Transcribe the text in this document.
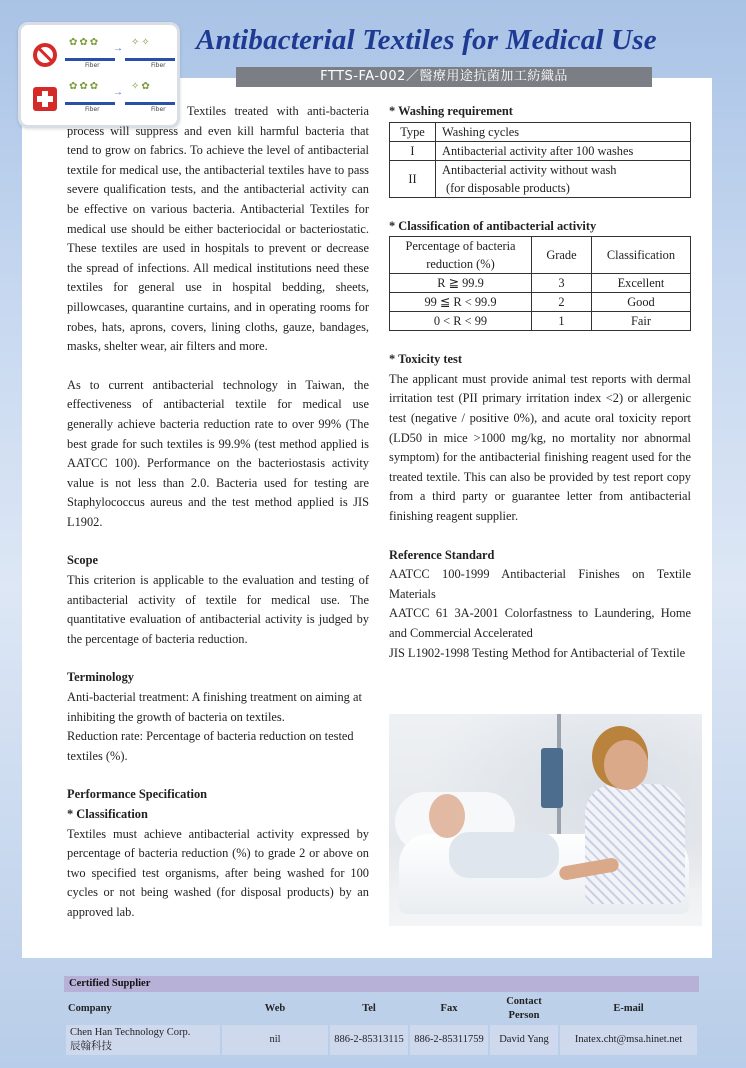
Antibacterial Textiles for Medical Use
FTTS-FA-002／醫療用途抗菌加工紡織品
✿✿✿
→
✧✧
Fiber	Fiber
✿✿✿
→
✧✿
Fiber	Fiber	Textiles treated with anti-bacteria process will suppress and even kill harmful bacteria that tend to grow on fabrics. To achieve the level of antibacterial textile for medical use, the antibacterial textiles have to pass severe qualification tests, and the antibacterial activity can be effective on various bacteria. Antibacterial Textiles for medical use should be either bacteriocidal or bacteriostatic. These textiles are used in hospitals to prevent or decrease the spread of infections. All medical institutions need these textiles for general use in hospital bedding, sheets, pillowcases, quarantine curtains, and in operating rooms for robes, hats, aprons, covers, lining cloths, gauze, bandages, masks, shelter wear, air filters and more.

As to current antibacterial technology in Taiwan, the effectiveness of antibacterial textile for medical use generally achieve bacteria reduction rate to over 99% (The best grade for such textiles is 99.9% (test method applied is AATCC 100). Performance on the bacteriostasis activity value is not less than 2.0. Bacteria used for testing are Staphylococcus aureus and the test method applied is JIS L1902.

Scope

This criterion is applicable to the evaluation and testing of antibacterial activity of textile for medical use. The quantitative evaluation of antibacterial activity is judged by the percentage of bacteria reduction.

Terminology

Anti-bacterial treatment: A finishing treatment on aiming at inhibiting the growth of bacteria on textiles.

Reduction rate: Percentage of bacteria reduction on tested textiles (%).

Performance Specification

* Classification

Textiles must achieve antibacterial activity expressed by percentage of bacteria reduction (%) to grade 2 or above on two specified test organisms, after being washed for 100 cycles or not being washed (for disposal products) by an approved lab.

* Washing requirement

Type	Washing cycles
I	Antibacterial activity after 100 washes
II	Antibacterial activity without wash
(for disposable products)

* Classification of antibacterial activity

Percentage of bacteria
reduction (%)	Grade	Classification
R ≧ 99.9	3	Excellent
99 ≦ R < 99.9	2	Good
0 < R < 99	1	Fair

* Toxicity test

The applicant must provide animal test reports with dermal irritation test (PII primary irritation index <2) or allergenic test (negative / positive 0%), and acute oral toxicity report (LD50 in mice >1000 mg/kg, no mortality nor abnormal symptom) for the antibacterial finishing reagent used for the treated textile. This can also be provided by test report copy from a third party or guarantee letter from antibacterial finishing reagent supplier.

Reference Standard

AATCC 100-1999 Antibacterial Finishes on Textile Materials

AATCC 61 3A-2001 Colorfastness to Laundering, Home and Commercial Accelerated

JIS L1902-1998 Testing Method for Antibacterial of Textile

Certified Supplier
Company	Web	Tel	Fax	Contact Person	E-mail

Chen Han Technology Corp.
辰翰科技	nil	886-2-85313115	886-2-85311759	David Yang	Inatex.cht@msa.hinet.net
